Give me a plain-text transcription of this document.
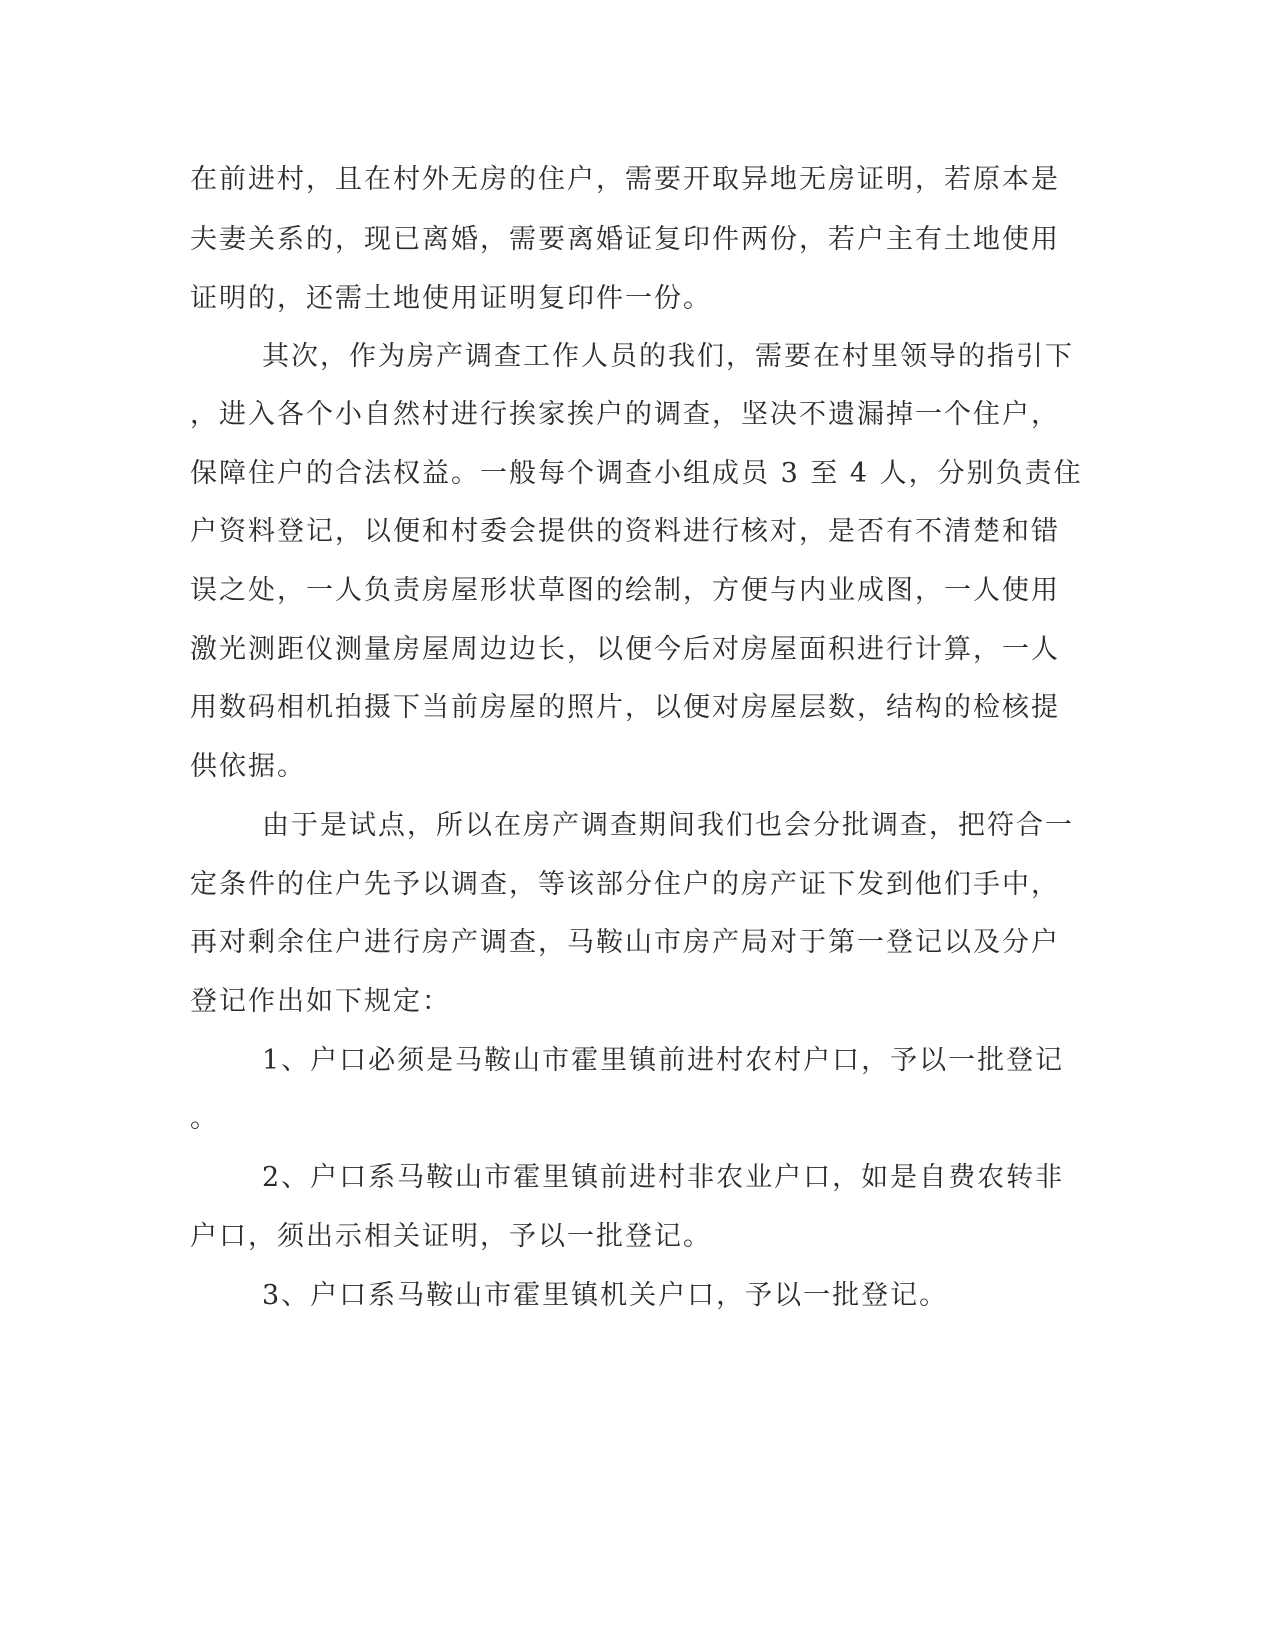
在前进村，且在村外无房的住户，需要开取异地无房证明，若原本是
夫妻关系的，现已离婚，需要离婚证复印件两份，若户主有土地使用
证明的，还需土地使用证明复印件一份。
其次，作为房产调查工作人员的我们，需要在村里领导的指引下
，进入各个小自然村进行挨家挨户的调查，坚决不遗漏掉一个住户，
保障住户的合法权益。一般每个调查小组成员 3 至 4 人，分别负责住
户资料登记，以便和村委会提供的资料进行核对，是否有不清楚和错
误之处，一人负责房屋形状草图的绘制，方便与内业成图，一人使用
激光测距仪测量房屋周边边长，以便今后对房屋面积进行计算，一人
用数码相机拍摄下当前房屋的照片，以便对房屋层数，结构的检核提
供依据。
由于是试点，所以在房产调查期间我们也会分批调查，把符合一
定条件的住户先予以调查，等该部分住户的房产证下发到他们手中，
再对剩余住户进行房产调查，马鞍山市房产局对于第一登记以及分户
登记作出如下规定：
1、户口必须是马鞍山市霍里镇前进村农村户口，予以一批登记
。
2、户口系马鞍山市霍里镇前进村非农业户口，如是自费农转非
户口，须出示相关证明，予以一批登记。
3、户口系马鞍山市霍里镇机关户口，予以一批登记。
